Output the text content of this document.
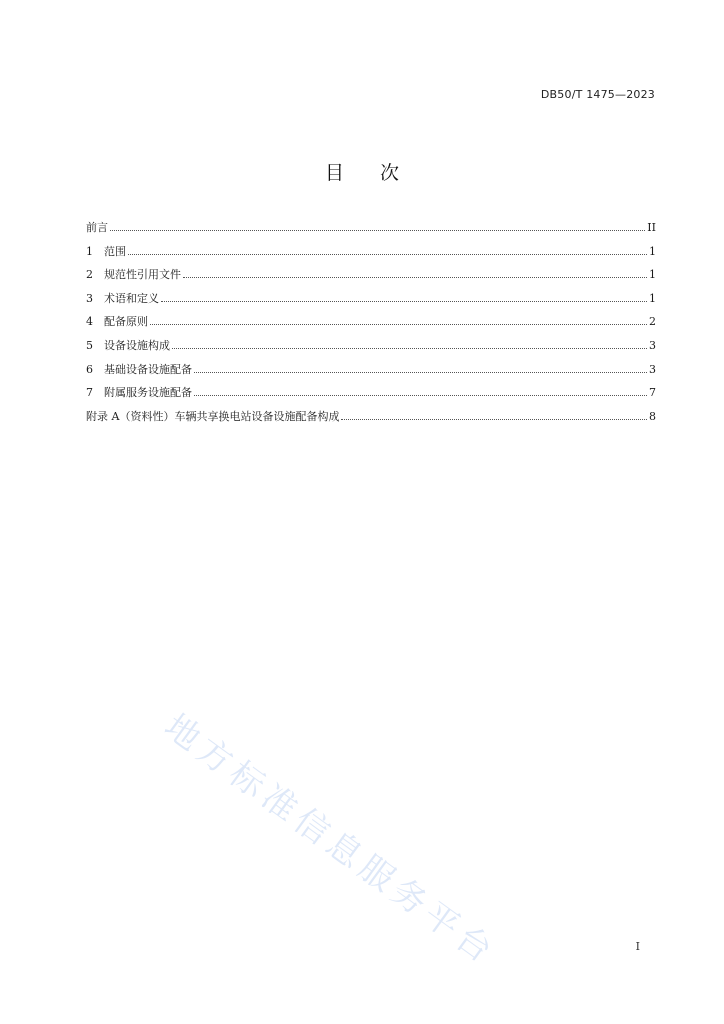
DB50/T 1475—2023
目次
前言	II
1	范围	1
2	规范性引用文件	1
3	术语和定义	1
4	配备原则	2
5	设备设施构成	3
6	基础设备设施配备	3
7	附属服务设施配备	7
附录 A（资料性）车辆共享换电站设备设施配备构成	8
地方标准信息服务平台	I
